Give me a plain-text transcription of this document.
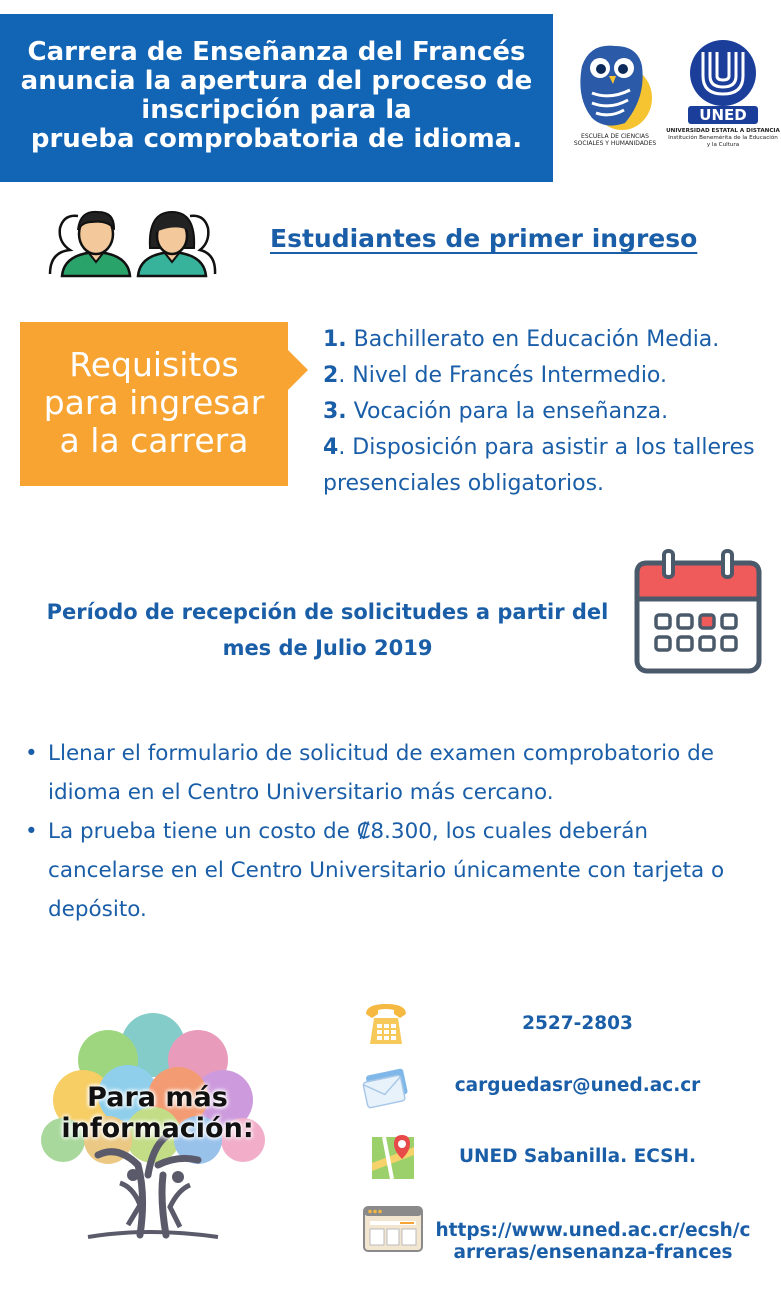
Carrera de Enseñanza del Francés
anuncia la apertura del proceso de
inscripción para la
prueba comprobatoria de idioma.	ESCUELA DE CIENCIAS SOCIALES Y HUMANIDADES
UNED
UNIVERSIDAD ESTATAL A DISTANCIA
Institución Benemérita de la Educación y la Cultura
Estudiantes de primer ingreso
Requisitos
para ingresar
a la carrera
1. Bachillerato en Educación Media.
2. Nivel de Francés Intermedio.
3. Vocación para la enseñanza.
4. Disposición para asistir a los talleres presenciales obligatorios.
Período de recepción de solicitudes a partir del
mes de Julio 2019
• Llenar el formulario de solicitud de examen comprobatorio de idioma en el Centro Universitario más cercano.
• La prueba tiene un costo de ₡8.300, los cuales deberán cancelarse en el Centro Universitario únicamente con tarjeta o depósito.
Para más
información:
2527-2803
carguedasr@uned.ac.cr
UNED Sabanilla. ECSH.
https://www.uned.ac.cr/ecsh/c
arreras/ensenanza-frances
